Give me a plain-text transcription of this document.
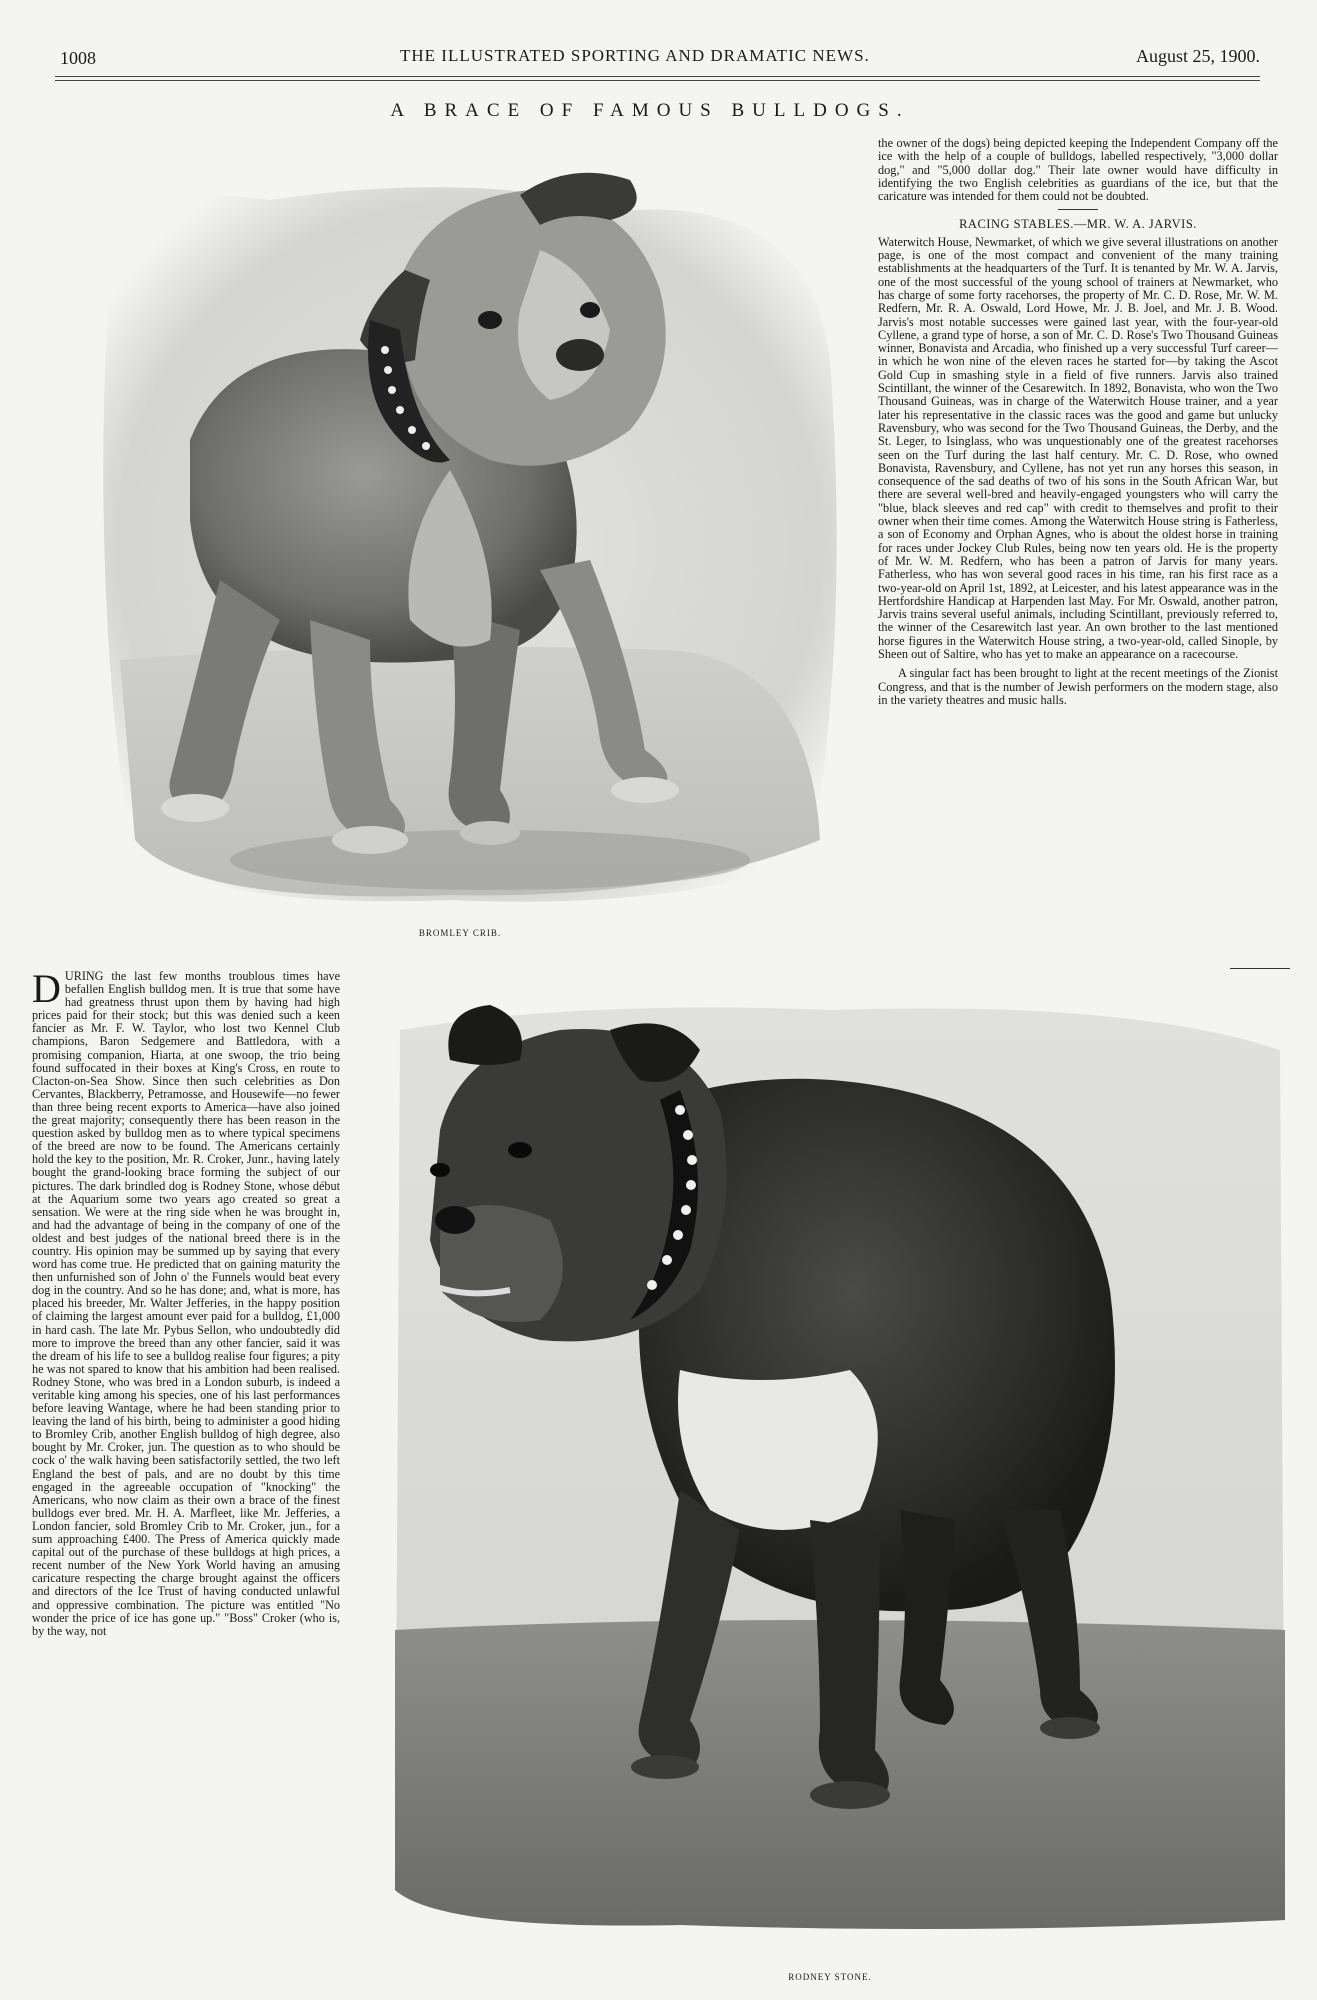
1008	THE ILLUSTRATED SPORTING AND DRAMATIC NEWS.	August 25, 1900.
A BRACE OF FAMOUS BULLDOGS.
BROMLEY CRIB.

the owner of the dogs) being depicted keeping the Independent Company off the ice with the help of a couple of bulldogs, labelled respectively, "3,000 dollar dog," and "5,000 dollar dog." Their late owner would have difficulty in identifying the two English celebrities as guardians of the ice, but that the caricature was intended for them could not be doubted.

RACING STABLES.—MR. W. A. JARVIS.

Waterwitch House, Newmarket, of which we give several illustrations on another page, is one of the most compact and convenient of the many training establishments at the headquarters of the Turf. It is tenanted by Mr. W. A. Jarvis, one of the most successful of the young school of trainers at Newmarket, who has charge of some forty racehorses, the property of Mr. C. D. Rose, Mr. W. M. Redfern, Mr. R. A. Oswald, Lord Howe, Mr. J. B. Joel, and Mr. J. B. Wood. Jarvis's most notable successes were gained last year, with the four-year-old Cyllene, a grand type of horse, a son of Mr. C. D. Rose's Two Thousand Guineas winner, Bonavista and Arcadia, who finished up a very successful Turf career—in which he won nine of the eleven races he started for—by taking the Ascot Gold Cup in smashing style in a field of five runners. Jarvis also trained Scintillant, the winner of the Cesarewitch. In 1892, Bonavista, who won the Two Thousand Guineas, was in charge of the Waterwitch House trainer, and a year later his representative in the classic races was the good and game but unlucky Ravensbury, who was second for the Two Thousand Guineas, the Derby, and the St. Leger, to Isinglass, who was unquestionably one of the greatest racehorses seen on the Turf during the last half century. Mr. C. D. Rose, who owned Bonavista, Ravensbury, and Cyllene, has not yet run any horses this season, in consequence of the sad deaths of two of his sons in the South African War, but there are several well-bred and heavily-engaged youngsters who will carry the "blue, black sleeves and red cap" with credit to themselves and profit to their owner when their time comes. Among the Waterwitch House string is Fatherless, a son of Economy and Orphan Agnes, who is about the oldest horse in training for races under Jockey Club Rules, being now ten years old. He is the property of Mr. W. M. Redfern, who has been a patron of Jarvis for many years. Fatherless, who has won several good races in his time, ran his first race as a two-year-old on April 1st, 1892, at Leicester, and his latest appearance was in the Hertfordshire Handicap at Harpenden last May. For Mr. Oswald, another patron, Jarvis trains several useful animals, including Scintillant, previously referred to, the winner of the Cesarewitch last year. An own brother to the last mentioned horse figures in the Waterwitch House string, a two-year-old, called Sinople, by Sheen out of Saltire, who has yet to make an appearance on a racecourse.

A singular fact has been brought to light at the recent meetings of the Zionist Congress, and that is the number of Jewish performers on the modern stage, also in the variety theatres and music halls.

DURING the last few months troublous times have befallen English bulldog men. It is true that some have had greatness thrust upon them by having had high prices paid for their stock; but this was denied such a keen fancier as Mr. F. W. Taylor, who lost two Kennel Club champions, Baron Sedgemere and Battledora, with a promising companion, Hiarta, at one swoop, the trio being found suffocated in their boxes at King's Cross, en route to Clacton-on-Sea Show. Since then such celebrities as Don Cervantes, Blackberry, Petramosse, and Housewife—no fewer than three being recent exports to America—have also joined the great majority; consequently there has been reason in the question asked by bulldog men as to where typical specimens of the breed are now to be found. The Americans certainly hold the key to the position, Mr. R. Croker, Junr., having lately bought the grand-looking brace forming the subject of our pictures. The dark brindled dog is Rodney Stone, whose début at the Aquarium some two years ago created so great a sensation. We were at the ring side when he was brought in, and had the advantage of being in the company of one of the oldest and best judges of the national breed there is in the country. His opinion may be summed up by saying that every word has come true. He predicted that on gaining maturity the then unfurnished son of John o' the Funnels would beat every dog in the country. And so he has done; and, what is more, has placed his breeder, Mr. Walter Jefferies, in the happy position of claiming the largest amount ever paid for a bulldog, £1,000 in hard cash. The late Mr. Pybus Sellon, who undoubtedly did more to improve the breed than any other fancier, said it was the dream of his life to see a bulldog realise four figures; a pity he was not spared to know that his ambition had been realised. Rodney Stone, who was bred in a London suburb, is indeed a veritable king among his species, one of his last performances before leaving Wantage, where he had been standing prior to leaving the land of his birth, being to administer a good hiding to Bromley Crib, another English bulldog of high degree, also bought by Mr. Croker, jun. The question as to who should be cock o' the walk having been satisfactorily settled, the two left England the best of pals, and are no doubt by this time engaged in the agreeable occupation of "knocking" the Americans, who now claim as their own a brace of the finest bulldogs ever bred. Mr. H. A. Marfleet, like Mr. Jefferies, a London fancier, sold Bromley Crib to Mr. Croker, jun., for a sum approaching £400. The Press of America quickly made capital out of the purchase of these bulldogs at high prices, a recent number of the New York World having an amusing caricature respecting the charge brought against the officers and directors of the Ice Trust of having conducted unlawful and oppressive combination. The picture was entitled "No wonder the price of ice has gone up." "Boss" Croker (who is, by the way, not

RODNEY STONE.
